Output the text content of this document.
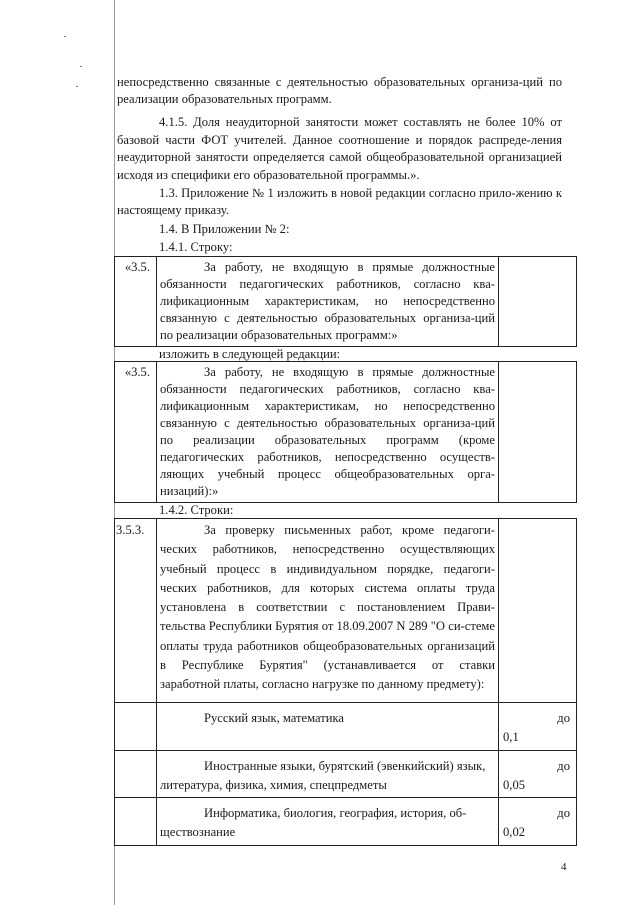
непосредственно связанные с деятельностью образовательных организа-ций по реализации образовательных программ.
4.1.5. Доля неаудиторной занятости может составлять не более 10% от базовой части ФОТ учителей. Данное соотношение и порядок распреде-ления неаудиторной занятости определяется самой общеобразовательной организацией исходя из специфики его образовательной программы.».
1.3. Приложение № 1 изложить в новой редакции согласно прило-жению к настоящему приказу.
1.4. В Приложении № 2:
1.4.1. Строку:
«3.5.	За работу, не входящую в прямые должностные обязанности педагогических работников, согласно ква-лификационным характеристикам, но непосредственно связанную с деятельностью образовательных организа-ций по реализации образовательных программ:»	
изложить в следующей редакции:
«3.5.	За работу, не входящую в прямые должностные обязанности педагогических работников, согласно ква-лификационным характеристикам, но непосредственно связанную с деятельностью образовательных организа-ций по реализации образовательных программ (кроме педагогических работников, непосредственно осуществ-ляющих учебный процесс общеобразовательных орга-низаций):»	
1.4.2. Строки:
3.5.3.	За проверку письменных работ, кроме педагоги-ческих работников, непосредственно осуществляющих учебный процесс в индивидуальном порядке, педагоги-ческих работников, для которых система оплаты труда установлена в соответствии с постановлением Прави-тельства Республики Бурятия от 18.09.2007 N 289 "О си-стеме оплаты труда работников общеобразовательных организаций в Республике Бурятия" (устанавливается от ставки заработной платы, согласно нагрузке по данному предмету):	
	Русский язык, математика	до
0,1

	Иностранные языки, бурятский (эвенкийский) язык, литература, физика, химия, спецпредметы	до
0,05

	Информатика, биология, география, история, об-ществознание	до
0,02
4
